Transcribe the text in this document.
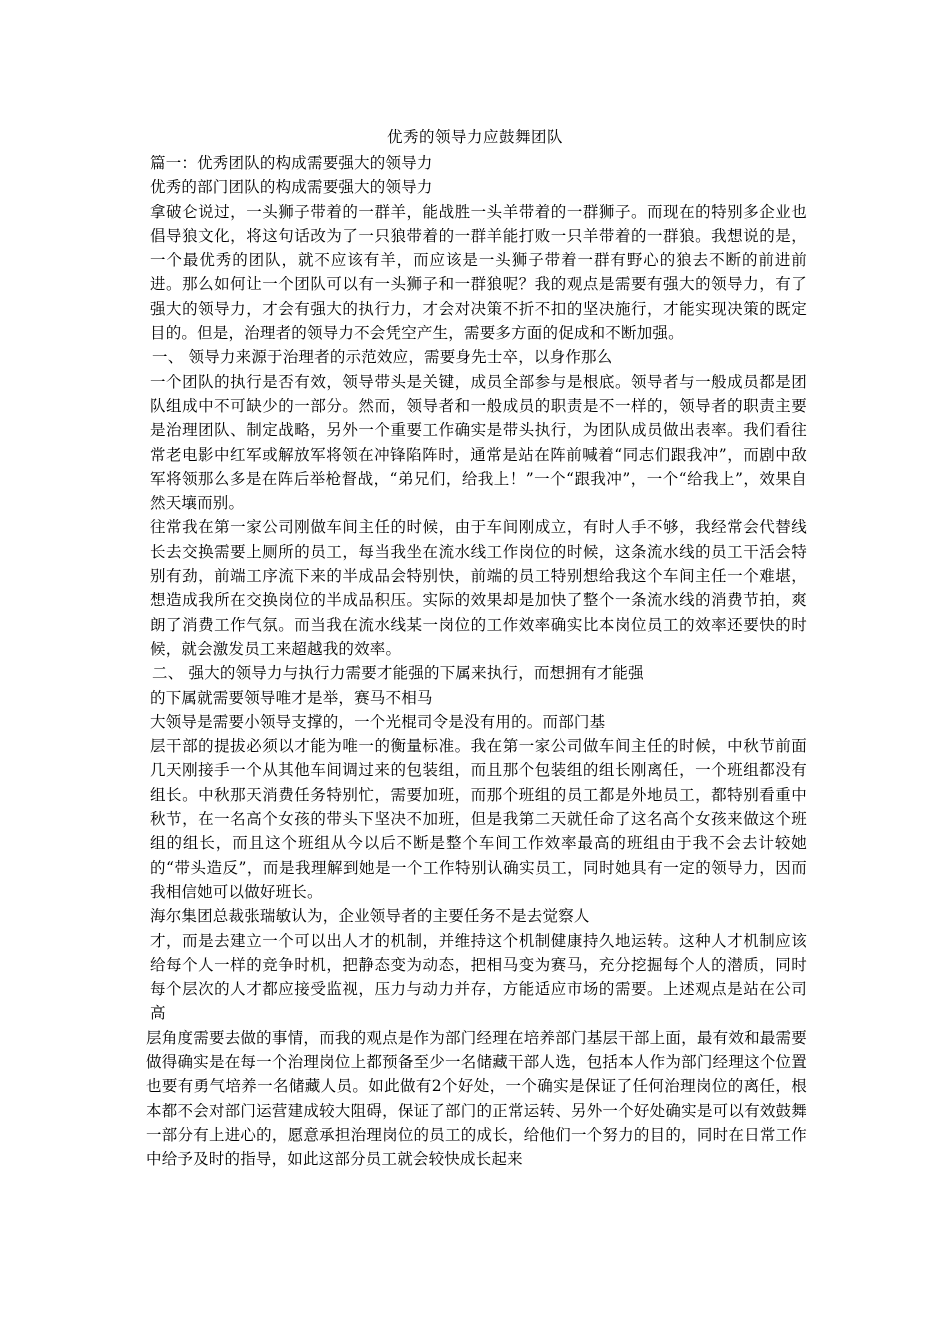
优秀的领导力应鼓舞团队

篇一：优秀团队的构成需要强大的领导力

优秀的部门团队的构成需要强大的领导力

拿破仑说过，一头狮子带着的一群羊，能战胜一头羊带着的一群狮子。而现在的特别多企业也倡导狼文化，将这句话改为了一只狼带着的一群羊能打败一只羊带着的一群狼。我想说的是，一个最优秀的团队，就不应该有羊，而应该是一头狮子带着一群有野心的狼去不断的前进前进。那么如何让一个团队可以有一头狮子和一群狼呢？我的观点是需要有强大的领导力，有了强大的领导力，才会有强大的执行力，才会对决策不折不扣的坚决施行，才能实现决策的既定目的。但是，治理者的领导力不会凭空产生，需要多方面的促成和不断加强。

一、 领导力来源于治理者的示范效应，需要身先士卒，以身作那么

一个团队的执行是否有效，领导带头是关键，成员全部参与是根底。领导者与一般成员都是团队组成中不可缺少的一部分。然而，领导者和一般成员的职责是不一样的，领导者的职责主要是治理团队、制定战略，另外一个重要工作确实是带头执行，为团队成员做出表率。我们看往常老电影中红军或解放军将领在冲锋陷阵时，通常是站在阵前喊着“同志们跟我冲”，而剧中敌军将领那么多是在阵后举枪督战，“弟兄们，给我上！”一个“跟我冲”，一个“给我上”，效果自然天壤而别。

往常我在第一家公司刚做车间主任的时候，由于车间刚成立，有时人手不够，我经常会代替线长去交换需要上厕所的员工，每当我坐在流水线工作岗位的时候，这条流水线的员工干活会特别有劲，前端工序流下来的半成品会特别快，前端的员工特别想给我这个车间主任一个难堪，想造成我所在交换岗位的半成品积压。实际的效果却是加快了整个一条流水线的消费节拍，爽朗了消费工作气氛。而当我在流水线某一岗位的工作效率确实比本岗位员工的效率还要快的时候，就会激发员工来超越我的效率。

二、 强大的领导力与执行力需要才能强的下属来执行，而想拥有才能强

的下属就需要领导唯才是举，赛马不相马

大领导是需要小领导支撑的，一个光棍司令是没有用的。而部门基

层干部的提拔必须以才能为唯一的衡量标准。我在第一家公司做车间主任的时候，中秋节前面几天刚接手一个从其他车间调过来的包装组，而且那个包装组的组长刚离任，一个班组都没有组长。中秋那天消费任务特别忙，需要加班，而那个班组的员工都是外地员工，都特别看重中秋节，在一名高个女孩的带头下坚决不加班，但是我第二天就任命了这名高个女孩来做这个班组的组长，而且这个班组从今以后不断是整个车间工作效率最高的班组由于我不会去计较她的“带头造反”，而是我理解到她是一个工作特别认确实员工，同时她具有一定的领导力，因而我相信她可以做好班长。

海尔集团总裁张瑞敏认为，企业领导者的主要任务不是去觉察人

才，而是去建立一个可以出人才的机制，并维持这个机制健康持久地运转。这种人才机制应该给每个人一样的竞争时机，把静态变为动态，把相马变为赛马，充分挖掘每个人的潜质，同时每个层次的人才都应接受监视，压力与动力并存，方能适应市场的需要。上述观点是站在公司高

层角度需要去做的事情，而我的观点是作为部门经理在培养部门基层干部上面，最有效和最需要做得确实是在每一个治理岗位上都预备至少一名储藏干部人选，包括本人作为部门经理这个位置也要有勇气培养一名储藏人员。如此做有2个好处，一个确实是保证了任何治理岗位的离任，根本都不会对部门运营建成较大阻碍，保证了部门的正常运转、另外一个好处确实是可以有效鼓舞一部分有上进心的，愿意承担治理岗位的员工的成长，给他们一个努力的目的，同时在日常工作中给予及时的指导，如此这部分员工就会较快成长起来
